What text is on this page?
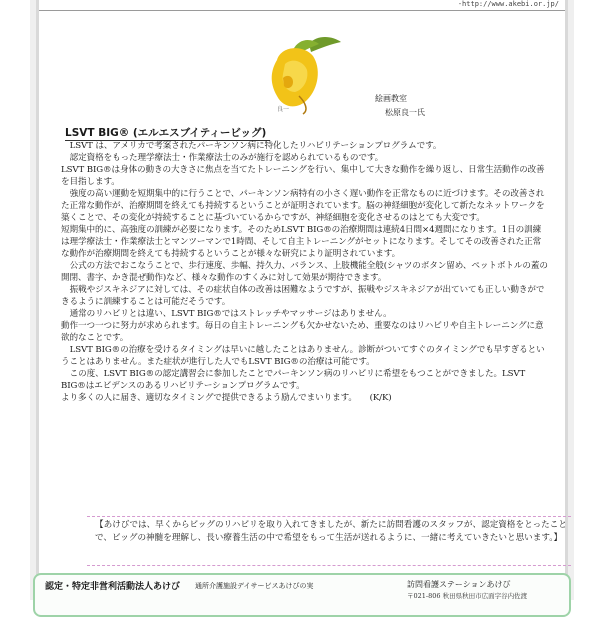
-http://www.akebi.or.jp/
良一
絵画教室
松原良一氏
LSVT BIG® (エルエスブイティービッグ)

LSVT は、アメリカで考案されたパーキンソン病に特化したリハビリテーションプログラムです。

認定資格をもった理学療法士・作業療法士のみが施行を認められているものです。

LSVT BIG®は身体の動きの大きさに焦点を当てたトレーニングを行い、集中して大きな動作を繰り返し、日常生活動作の改善を目指します。

強度の高い運動を短期集中的に行うことで、パーキンソン病特有の小さく遅い動作を正常なものに近づけます。その改善された正常な動作が、治療期間を終えても持続するということが証明されています。脳の神経細胞が変化して新たなネットワークを築くことで、その変化が持続することに基づいているからですが、神経細胞を変化させるのはとても大変です。

短期集中的に、高強度の訓練が必要になります。そのためLSVT BIG®の治療期間は連続4日間×4週間になります。1日の訓練は理学療法士・作業療法士とマンツーマンで1時間、そして自主トレーニングがセットになります。そしてその改善された正常な動作が治療期間を終えても持続するということが様々な研究により証明されています。

公式の方法でおこなうことで、歩行速度、歩幅、持久力、バランス、上肢機能全般(シャツのボタン留め、ペットボトルの蓋の開閉、書字、かき混ぜ動作)など、様々な動作のすくみに対して効果が期待できます。

振戦やジスキネジアに対しては、その症状自体の改善は困難なようですが、振戦やジスキネジアが出ていても正しい動きができるように訓練することは可能だそうです。

通常のリハビリとは違い、LSVT BIG®ではストレッチやマッサージはありません。

動作一つ一つに努力が求められます。毎日の自主トレーニングも欠かせないため、重要なのはリハビリや自主トレーニングに意欲的なことです。

LSVT BIG®の治療を受けるタイミングは早いに越したことはありません。診断がついてすぐのタイミングでも早すぎるということはありません。また症状が進行した人でもLSVT BIG®の治療は可能です。

この度、LSVT BIG®の認定講習会に参加したことでパーキンソン病のリハビリに希望をもつことができました。LSVT BIG®はエビデンスのあるリハビリテーションプログラムです。

より多くの人に届き、適切なタイミングで提供できるよう励んでまいります。　　(K/K)

【あけびでは、早くからビッグのリハビリを取り入れてきましたが、新たに訪問看護のスタッフが、認定資格をとったことで、ビッグの神髄を理解し、長い療養生活の中で希望をもって生活が送れるように、一緒に考えていきたいと思います。】
認定・特定非営利活動法人あけび 通所介護施設デイサービスあけびの実	訪問看護ステーションあけび
〒021-806 秋田県秋田市広面字谷内佐渡
